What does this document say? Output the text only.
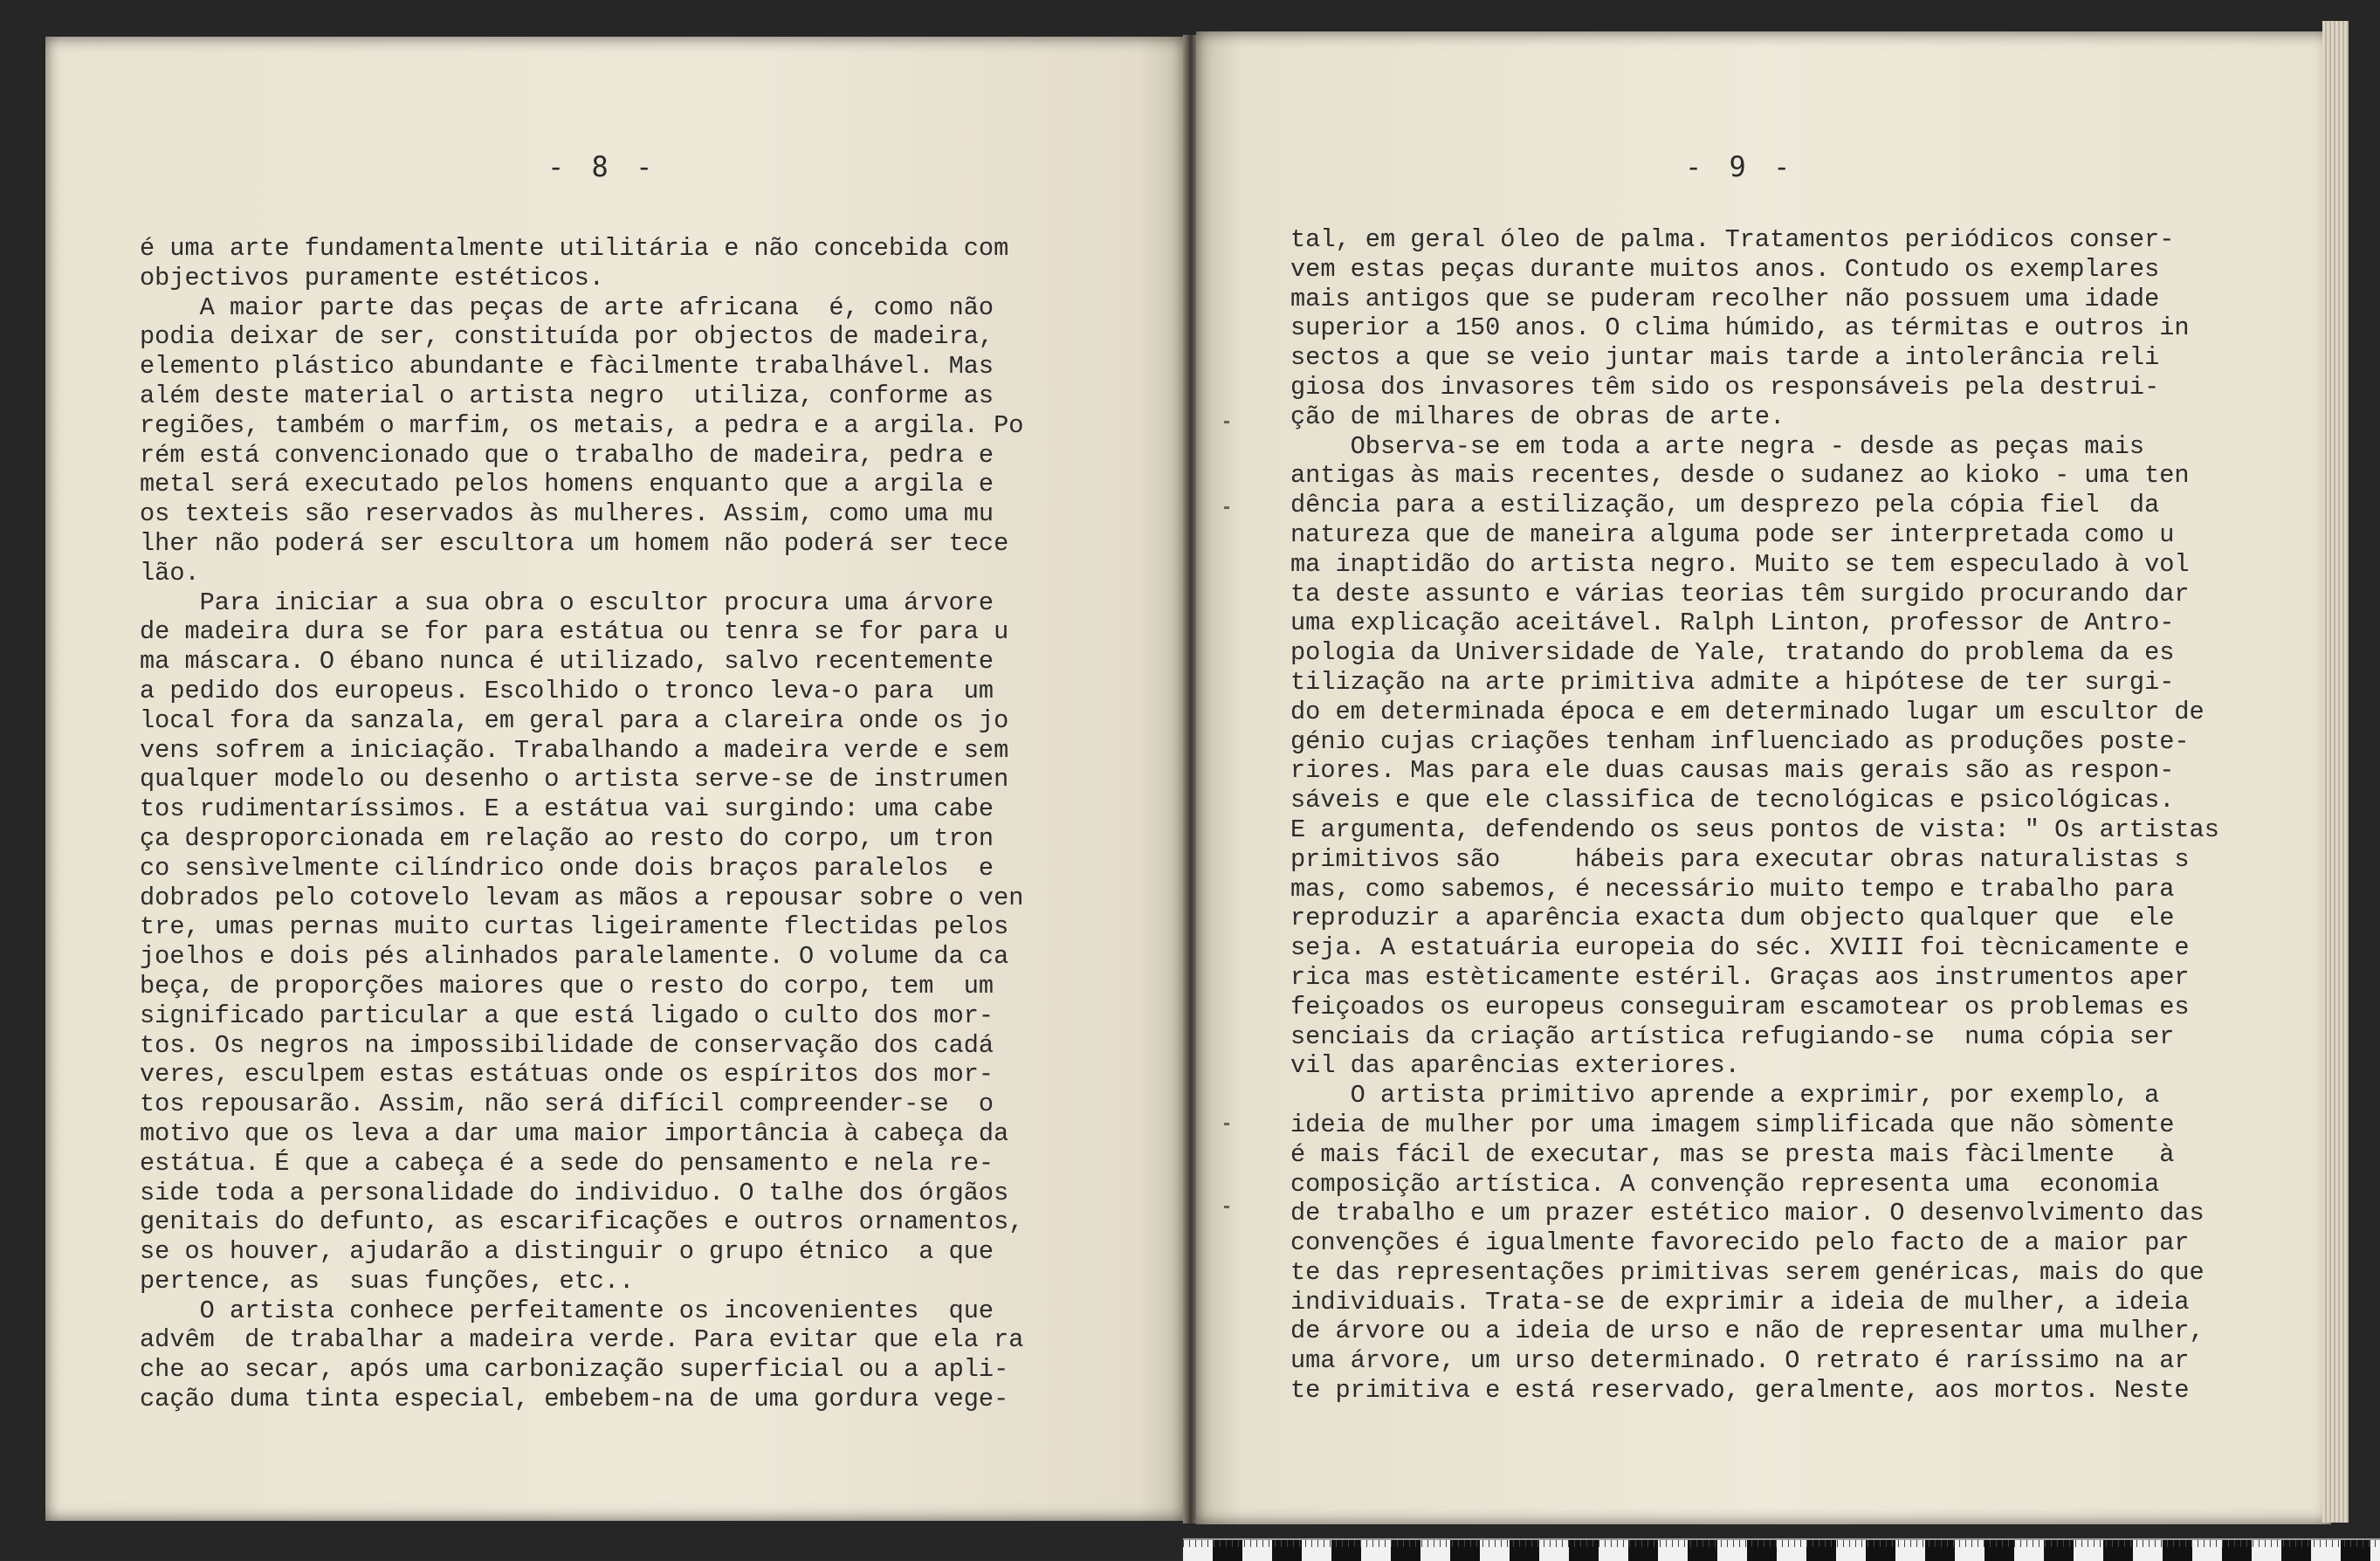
- 8 -
é uma arte fundamentalmente utilitária e não concebida com
objectivos puramente estéticos.
A maior parte das peças de arte africana  é, como não
podia deixar de ser, constituída por objectos de madeira,
elemento plástico abundante e fàcilmente trabalhável. Mas
além deste material o artista negro  utiliza, conforme as
regiões, também o marfim, os metais, a pedra e a argila. Po
rém está convencionado que o trabalho de madeira, pedra e
metal será executado pelos homens enquanto que a argila e
os texteis são reservados às mulheres. Assim, como uma mu
lher não poderá ser escultora um homem não poderá ser tece
lão.
Para iniciar a sua obra o escultor procura uma árvore
de madeira dura se for para estátua ou tenra se for para u
ma máscara. O ébano nunca é utilizado, salvo recentemente
a pedido dos europeus. Escolhido o tronco leva-o para  um
local fora da sanzala, em geral para a clareira onde os jo
vens sofrem a iniciação. Trabalhando a madeira verde e sem
qualquer modelo ou desenho o artista serve-se de instrumen
tos rudimentaríssimos. E a estátua vai surgindo: uma cabe
ça desproporcionada em relação ao resto do corpo, um tron
co sensìvelmente cilíndrico onde dois braços paralelos  e
dobrados pelo cotovelo levam as mãos a repousar sobre o ven
tre, umas pernas muito curtas ligeiramente flectidas pelos
joelhos e dois pés alinhados paralelamente. O volume da ca
beça, de proporções maiores que o resto do corpo, tem  um
significado particular a que está ligado o culto dos mor-
tos. Os negros na impossibilidade de conservação dos cadá
veres, esculpem estas estátuas onde os espíritos dos mor-
tos repousarão. Assim, não será difícil compreender-se  o
motivo que os leva a dar uma maior importância à cabeça da
estátua. É que a cabeça é a sede do pensamento e nela re-
side toda a personalidade do individuo. O talhe dos órgãos
genitais do defunto, as escarificações e outros ornamentos,
se os houver, ajudarão a distinguir o grupo étnico  a que
pertence, as  suas funções, etc..
O artista conhece perfeitamente os incovenientes  que
advêm  de trabalhar a madeira verde. Para evitar que ela ra
che ao secar, após uma carbonização superficial ou a apli-
cação duma tinta especial, embebem-na de uma gordura vege-
- 9 -
tal, em geral óleo de palma. Tratamentos periódicos conser-
vem estas peças durante muitos anos. Contudo os exemplares
mais antigos que se puderam recolher não possuem uma idade
superior a 150 anos. O clima húmido, as térmitas e outros in
sectos a que se veio juntar mais tarde a intolerância reli
giosa dos invasores têm sido os responsáveis pela destrui-
ção de milhares de obras de arte.
Observa-se em toda a arte negra - desde as peças mais
antigas às mais recentes, desde o sudanez ao kioko - uma ten
dência para a estilização, um desprezo pela cópia fiel  da
natureza que de maneira alguma pode ser interpretada como u
ma inaptidão do artista negro. Muito se tem especulado à vol
ta deste assunto e várias teorias têm surgido procurando dar
uma explicação aceitável. Ralph Linton, professor de Antro-
pologia da Universidade de Yale, tratando do problema da es
tilização na arte primitiva admite a hipótese de ter surgi-
do em determinada época e em determinado lugar um escultor de
génio cujas criações tenham influenciado as produções poste-
riores. Mas para ele duas causas mais gerais são as respon-
sáveis e que ele classifica de tecnológicas e psicológicas.
E argumenta, defendendo os seus pontos de vista: " Os artistas
primitivos são     hábeis para executar obras naturalistas s
mas, como sabemos, é necessário muito tempo e trabalho para
reproduzir a aparência exacta dum objecto qualquer que  ele
seja. A estatuária europeia do séc. XVIII foi tècnicamente e
rica mas estèticamente estéril. Graças aos instrumentos aper
feiçoados os europeus conseguiram escamotear os problemas es
senciais da criação artística refugiando-se  numa cópia ser
vil das aparências exteriores.
O artista primitivo aprende a exprimir, por exemplo, a
ideia de mulher por uma imagem simplificada que não sòmente
é mais fácil de executar, mas se presta mais fàcilmente   à
composição artística. A convenção representa uma  economia
de trabalho e um prazer estético maior. O desenvolvimento das
convenções é igualmente favorecido pelo facto de a maior par
te das representações primitivas serem genéricas, mais do que
individuais. Trata-se de exprimir a ideia de mulher, a ideia
de árvore ou a ideia de urso e não de representar uma mulher,
uma árvore, um urso determinado. O retrato é raríssimo na ar
te primitiva e está reservado, geralmente, aos mortos. Neste
